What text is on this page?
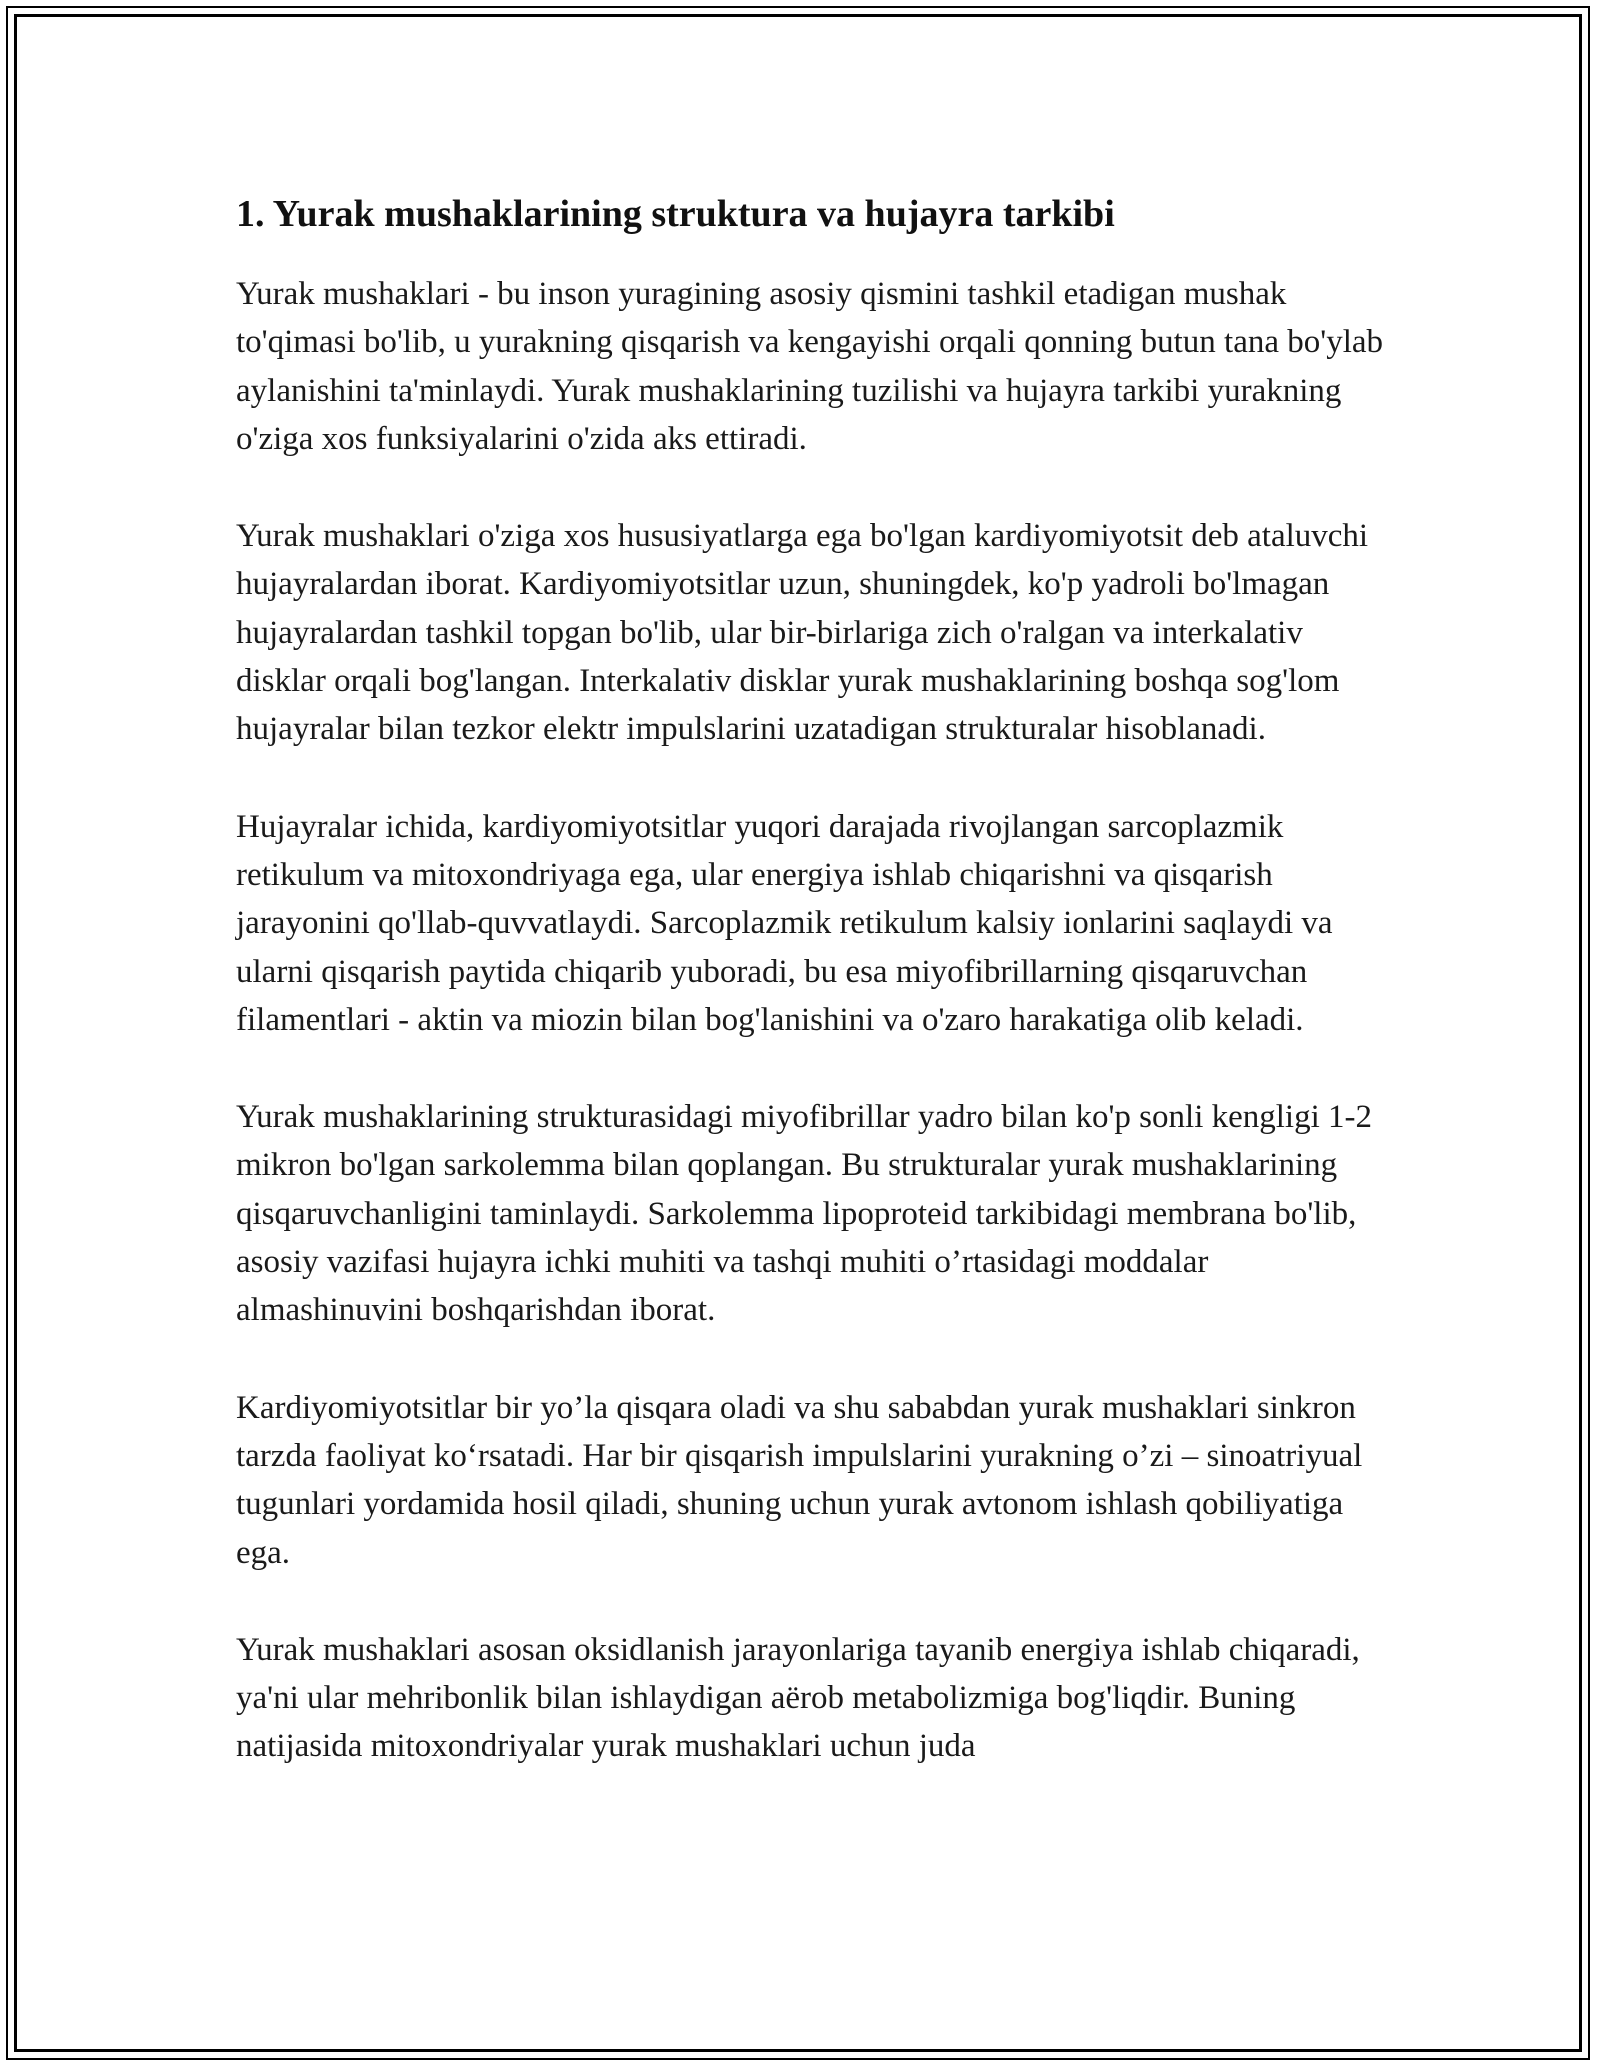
1. Yurak mushaklarining struktura va hujayra tarkibi

Yurak mushaklari - bu inson yuragining asosiy qismini tashkil etadigan mushak to'qimasi bo'lib, u yurakning qisqarish va kengayishi orqali qonning butun tana bo'ylab aylanishini ta'minlaydi. Yurak mushaklarining tuzilishi va hujayra tarkibi yurakning o'ziga xos funksiyalarini o'zida aks ettiradi.

Yurak mushaklari o'ziga xos hususiyatlarga ega bo'lgan kardiyomiyotsit deb ataluvchi hujayralardan iborat. Kardiyomiyotsitlar uzun, shuningdek, ko'p yadroli bo'lmagan hujayralardan tashkil topgan bo'lib, ular bir-birlariga zich o'ralgan va interkalativ disklar orqali bog'langan. Interkalativ disklar yurak mushaklarining boshqa sog'lom hujayralar bilan tezkor elektr impulslarini uzatadigan strukturalar hisoblanadi.

Hujayralar ichida, kardiyomiyotsitlar yuqori darajada rivojlangan sarcoplazmik retikulum va mitoxondriyaga ega, ular energiya ishlab chiqarishni va qisqarish jarayonini qo'llab-quvvatlaydi. Sarcoplazmik retikulum kalsiy ionlarini saqlaydi va ularni qisqarish paytida chiqarib yuboradi, bu esa miyofibrillarning qisqaruvchan filamentlari - aktin va miozin bilan bog'lanishini va o'zaro harakatiga olib keladi.

Yurak mushaklarining strukturasidagi miyofibrillar yadro bilan ko'p sonli kengligi 1-2 mikron bo'lgan sarkolemma bilan qoplangan. Bu strukturalar yurak mushaklarining qisqaruvchanligini taminlaydi. Sarkolemma lipoproteid tarkibidagi membrana bo'lib, asosiy vazifasi hujayra ichki muhiti va tashqi muhiti o’rtasidagi moddalar almashinuvini boshqarishdan iborat.

Kardiyomiyotsitlar bir yo’la qisqara oladi va shu sababdan yurak mushaklari sinkron tarzda faoliyat ko‘rsatadi. Har bir qisqarish impulslarini yurakning o’zi – sinoatriyual tugunlari yordamida hosil qiladi, shuning uchun yurak avtonom ishlash qobiliyatiga ega.

Yurak mushaklari asosan oksidlanish jarayonlariga tayanib energiya ishlab chiqaradi, ya'ni ular mehribonlik bilan ishlaydigan aërob metabolizmiga bog'liqdir. Buning natijasida mitoxondriyalar yurak mushaklari uchun juda
